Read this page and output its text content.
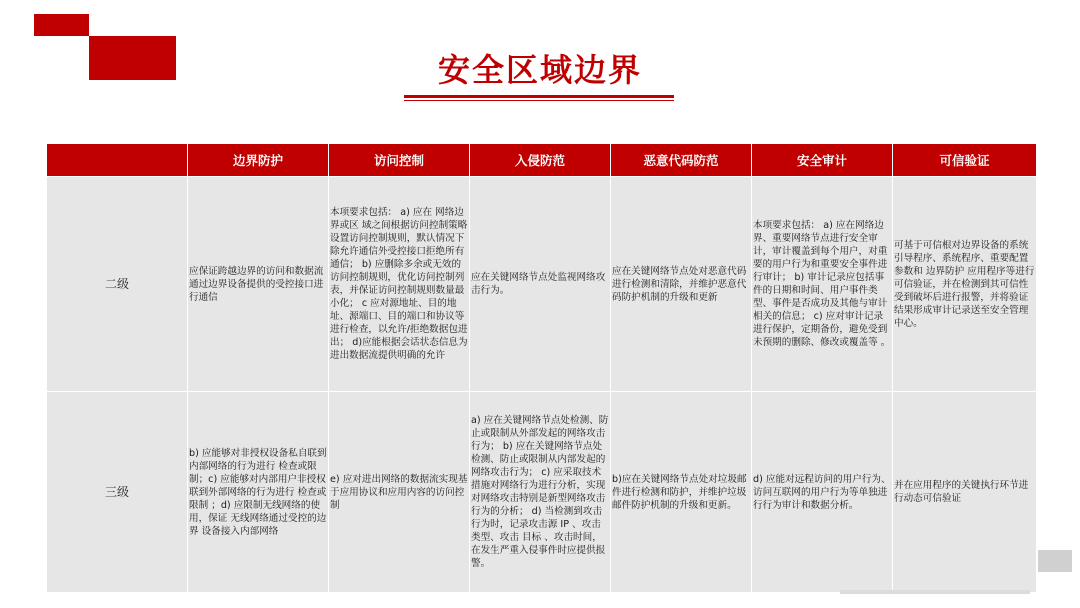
安全区域边界
	边界防护	访问控制	入侵防范	恶意代码防范	安全审计	可信验证
二级	应保证跨越边界的访问和数据流通过边界设备提供的受控接口进行通信	本项要求包括： a) 应在 网络边界或区 域之间根据访问控制策略设置访问控制规则，默认情况下除允许通信外受控接口拒绝所有通信； b) 应删除多余或无效的访问控制规则，优化访问控制列表，并保证访问控制规则数量最小化； c 应对源地址、目的地址、源端口、目的端口和协议等进行检查，以允许/拒绝数据包进出； d)应能根据会话状态信息为进出数据流提供明确的允许	应在关键网络节点处监视网络攻击行为。	应在关键网络节点处对恶意代码进行检测和清除，并维护恶意代码防护机制的升级和更新	本项要求包括： a) 应在网络边界、重要网络节点进行安全审计，审计覆盖到每个用户，对重要的用户行为和重要安全事件进行审计； b) 审计记录应包括事件的日期和时间、用户事件类型、事件是否成功及其他与审计相关的信息； c) 应对审计记录进行保护，定期备份，避免受到未预期的删除、修改或覆盖等 。	可基于可信根对边界设备的系统引导程序、系统程序、重要配置参数和 边界防护 应用程序等进行可信验证，并在检测到其可信性受到破坏后进行报警，并将验证结果形成审计记录送至安全管理中心。
三级	b) 应能够对非授权设备私自联到内部网络的行为进行 检查或限制；c) 应能够对内部用户非授权联到外部网络的行为进行 检查或限制 ；d) 应限制无线网络的使用，保证 无线网络通过受控的边界 设备接入内部网络	e) 应对进出网络的数据流实现基于应用协议和应用内容的访问控制	a) 应在关键网络节点处检测、防止或限制从外部发起的网络攻击行为； b) 应在关键网络节点处检测、防止或限制从内部发起的网络攻击行为； c) 应采取技术措施对网络行为进行分析，实现对网络攻击特别是新型网络攻击行为的分析； d) 当检测到攻击行为时，记录攻击源 IP 、攻击类型、攻击 目标 、攻击时间， 在发生严重入侵事件时应提供报警。	b)应在关键网络节点处对垃圾邮件进行检测和防护，并维护垃圾邮件防护机制的升级和更新。	d) 应能对远程访问的用户行为、访问互联网的用户行为等单独进行行为审计和数据分析。	并在应用程序的关键执行环节进行动态可信验证
